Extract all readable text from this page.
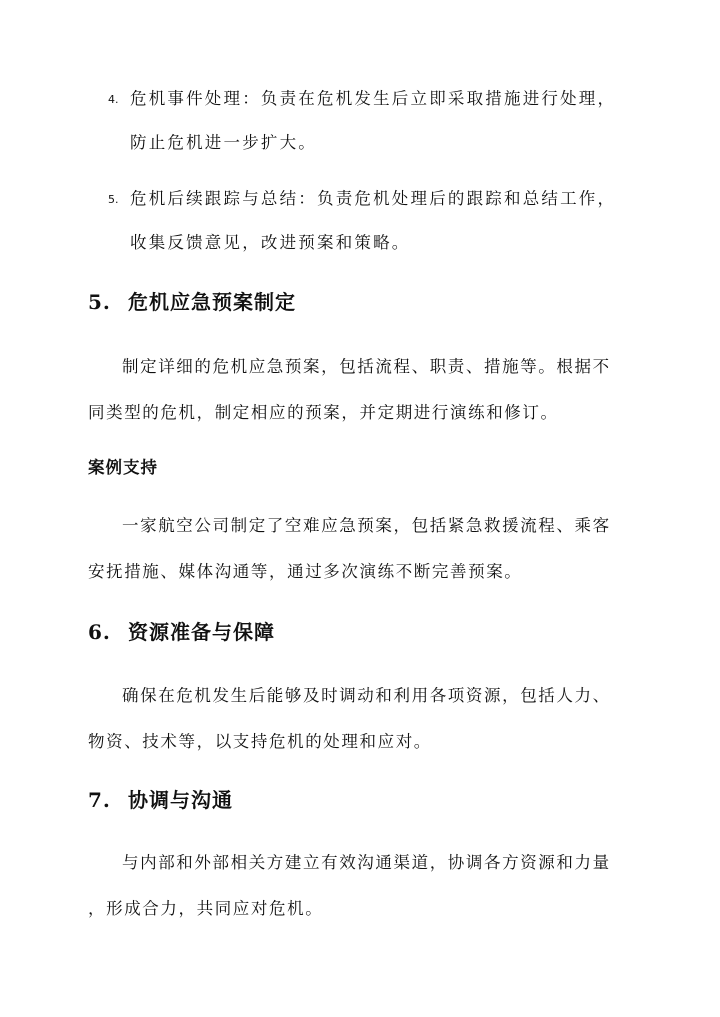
4. 危机事件处理：负责在危机发生后立即采取措施进行处理，
防止危机进一步扩大。
5. 危机后续跟踪与总结：负责危机处理后的跟踪和总结工作，
收集反馈意见，改进预案和策略。
5. 危机应急预案制定
制定详细的危机应急预案，包括流程、职责、措施等。根据不
同类型的危机，制定相应的预案，并定期进行演练和修订。
案例支持
一家航空公司制定了空难应急预案，包括紧急救援流程、乘客
安抚措施、媒体沟通等，通过多次演练不断完善预案。
6. 资源准备与保障
确保在危机发生后能够及时调动和利用各项资源，包括人力、
物资、技术等，以支持危机的处理和应对。
7. 协调与沟通
与内部和外部相关方建立有效沟通渠道，协调各方资源和力量
，形成合力，共同应对危机。
